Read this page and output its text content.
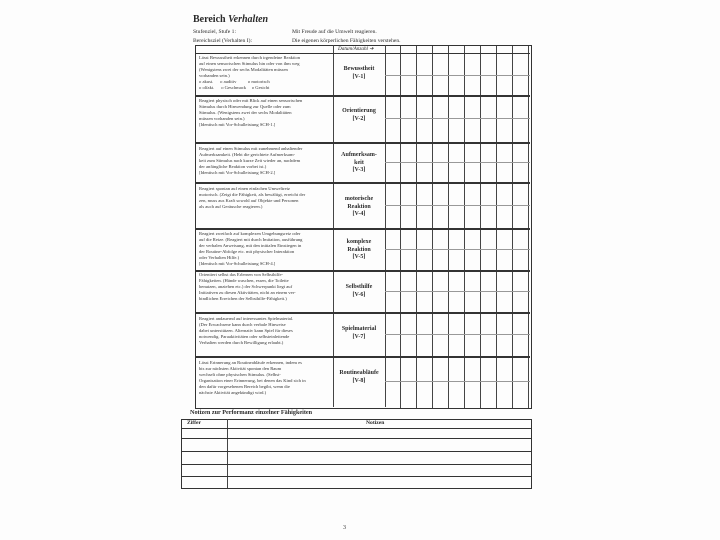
Bereich Verhalten
Stufenziel, Stufe 1:	Mit Freude auf die Umwelt reagieren.
Bereichsziel (Verhalten I):	Die eigenen körperlichen Fähigkeiten verstehen.
Datum/Anzahl ➔
Lässt Bewusstheit erkennen durch irgendeine Reaktion
auf einen sensorischen Stimulus hin oder von ihm weg
(Wenigstens zwei der sechs Modalitäten müssen
vorhanden sein.)
o akust.      o auditiv          o motorisch
o olfakt.      o Geschmack     o Gesicht
Bewusstheit
[V-1]
Reagiert physisch oder mit Blick auf einen sensorischen
Stimulus durch Hinwendung zur Quelle oder zum
Stimulus. (Wenigstens zwei der sechs Modalitäten
müssen vorhanden sein.)
[Identisch mit Vor-Schulleistung SCH-1.]
Orientierung
[V-2]
Reagiert auf einen Stimulus mit zunehmend anhaltender
Aufmerksamkeit. (Hebt die gerichtete Aufmerksam-
keit zum Stimulus nach kurze Zeit wieder an, nachdem
der anfängliche Reaktion vorbei ist.)
[Identisch mit Vor-Schulleistung SCH-2.]
Aufmerksam-
keit
[V-3]
Reagiert spontan auf einen einfachen Umweltreiz
motorisch. (Zeigt die Fähigkeit, als bewältigt, erreicht der
zen, muss aus Kraft sowohl auf Objekte und Personen
als auch auf Geräusche reagieren.)
motorische
Reaktion
[V-4]
Reagiert zweifach auf komplexen Umgebungsreiz oder
auf die Reize. (Reagiert mit durch Imitation, ausführung
der verbalen Anweisung, mit den initialen Einstiegen in
der Routine-Abfolge etc. mit physischer Interaktion
oder Verhalten Hilfe.)
[Identisch mit Vor-Schulleistung SCH-4.]
komplexe
Reaktion
[V-5]
Orientiert selbst das Erlernen von Selbsthilfe-
Fähigkeiten. (Hände waschen, essen, die Toilette
benutzen, anziehen etc.) der Schwerpunkt liegt auf
Initiativen zu diesen Aktivitäten, nicht an einem ver-
bindlichen Erreichen der Selbsthilfe-Fähigkeit.)
Selbsthilfe
[V-6]
Reagiert andauernd auf interessantes Spielmaterial.
(Der Erwachsene kann durch verbale Hinweise
dabei unterstützen. Alternativ kann Spiel für dieses
notwendig. Paraaktivitäten oder selbsteinleitende
Verhalten werden durch Bewilligung erlaubt.)
Spielmaterial
[V-7]
Lässt Erinnerung an Routineabläufe erkennen, indem es
bis zur nächsten Aktivität spontan den Raum
wechselt ohne physischen Stimulus. (Selbst-
Organisation einer Erinnerung, bei denen das Kind sich in
den dafür vorgesehenen Bereich begibt, wenn die
nächste Aktivität angekündigt wird.)
Routineabläufe
[V-8]
Notizen zur Performanz einzelner Fähigkeiten
Ziffer	Notizen
3
